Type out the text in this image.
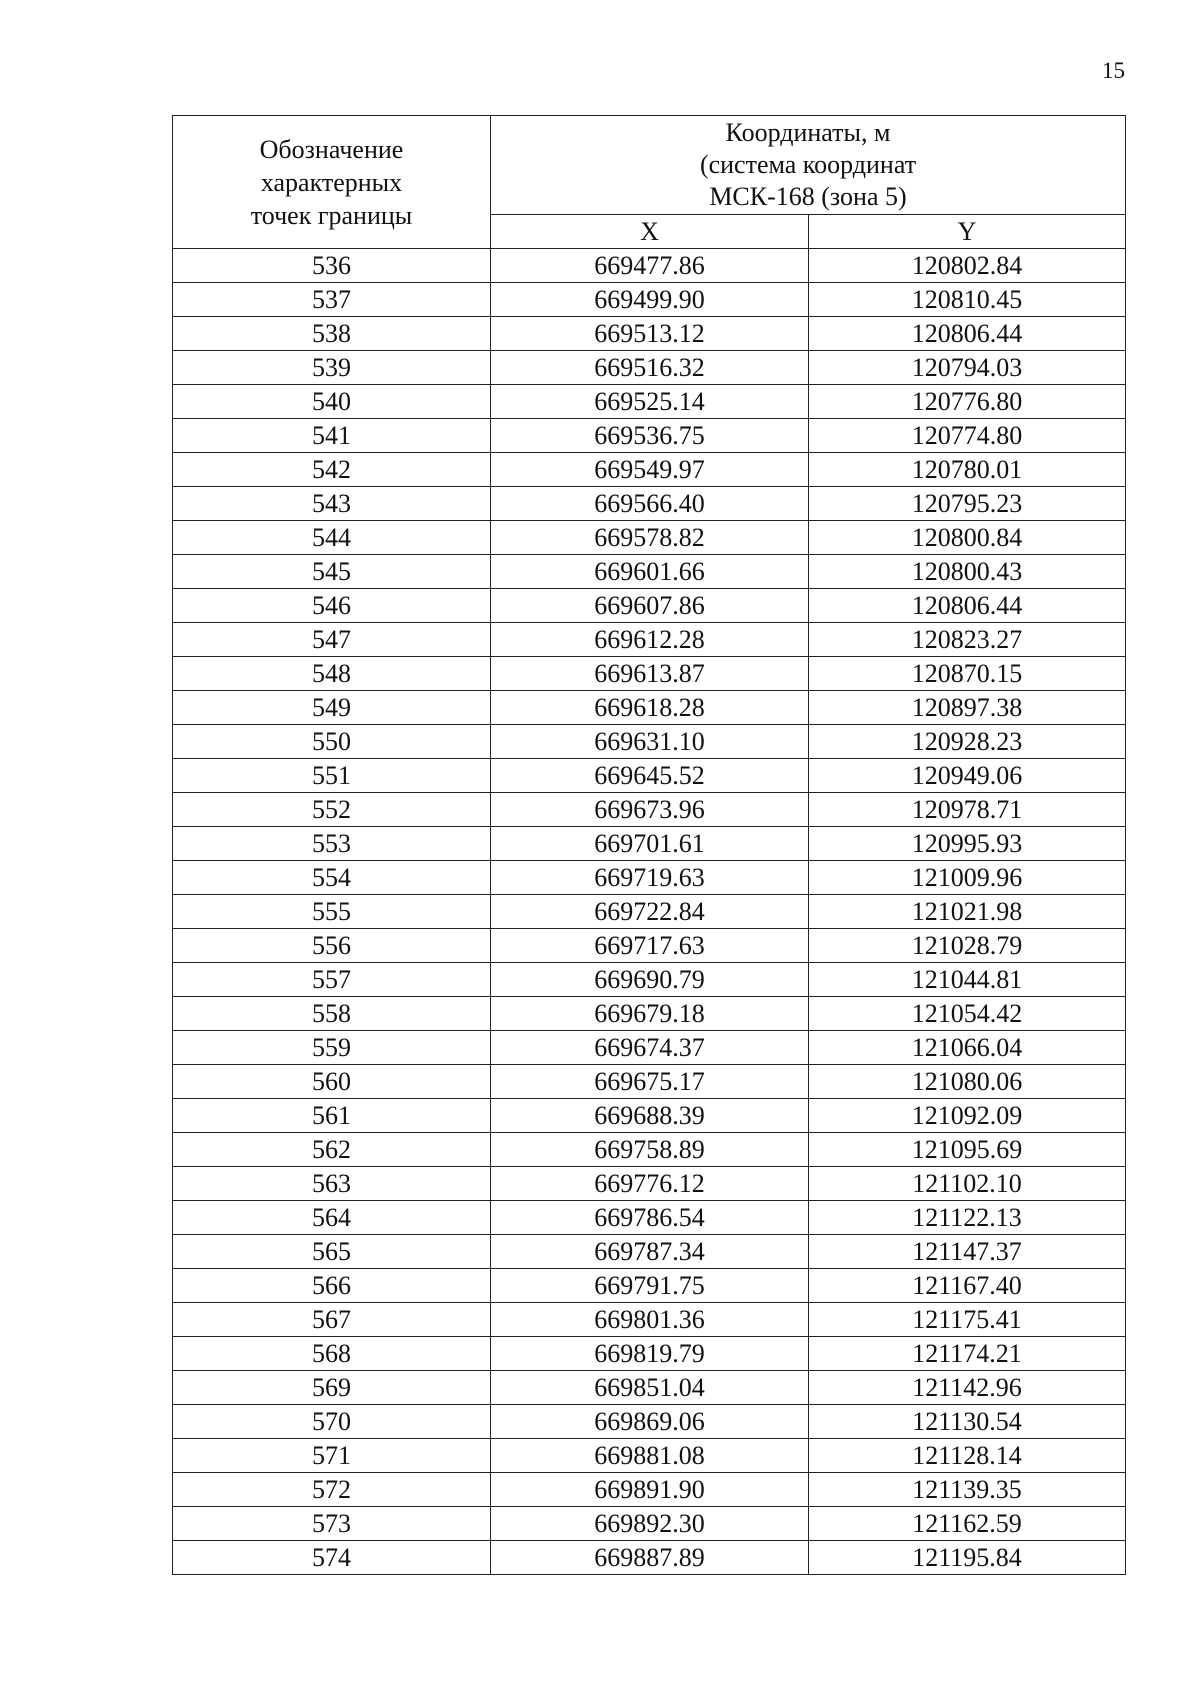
15
Обозначение
характерных
точек границы	Координаты, м
(система координат
МСК-168 (зона 5)	

	X	Y
536	669477.86	120802.84
537	669499.90	120810.45
538	669513.12	120806.44
539	669516.32	120794.03
540	669525.14	120776.80
541	669536.75	120774.80
542	669549.97	120780.01
543	669566.40	120795.23
544	669578.82	120800.84
545	669601.66	120800.43
546	669607.86	120806.44
547	669612.28	120823.27
548	669613.87	120870.15
549	669618.28	120897.38
550	669631.10	120928.23
551	669645.52	120949.06
552	669673.96	120978.71
553	669701.61	120995.93
554	669719.63	121009.96
555	669722.84	121021.98
556	669717.63	121028.79
557	669690.79	121044.81
558	669679.18	121054.42
559	669674.37	121066.04
560	669675.17	121080.06
561	669688.39	121092.09
562	669758.89	121095.69
563	669776.12	121102.10
564	669786.54	121122.13
565	669787.34	121147.37
566	669791.75	121167.40
567	669801.36	121175.41
568	669819.79	121174.21
569	669851.04	121142.96
570	669869.06	121130.54
571	669881.08	121128.14
572	669891.90	121139.35
573	669892.30	121162.59
574	669887.89	121195.84
